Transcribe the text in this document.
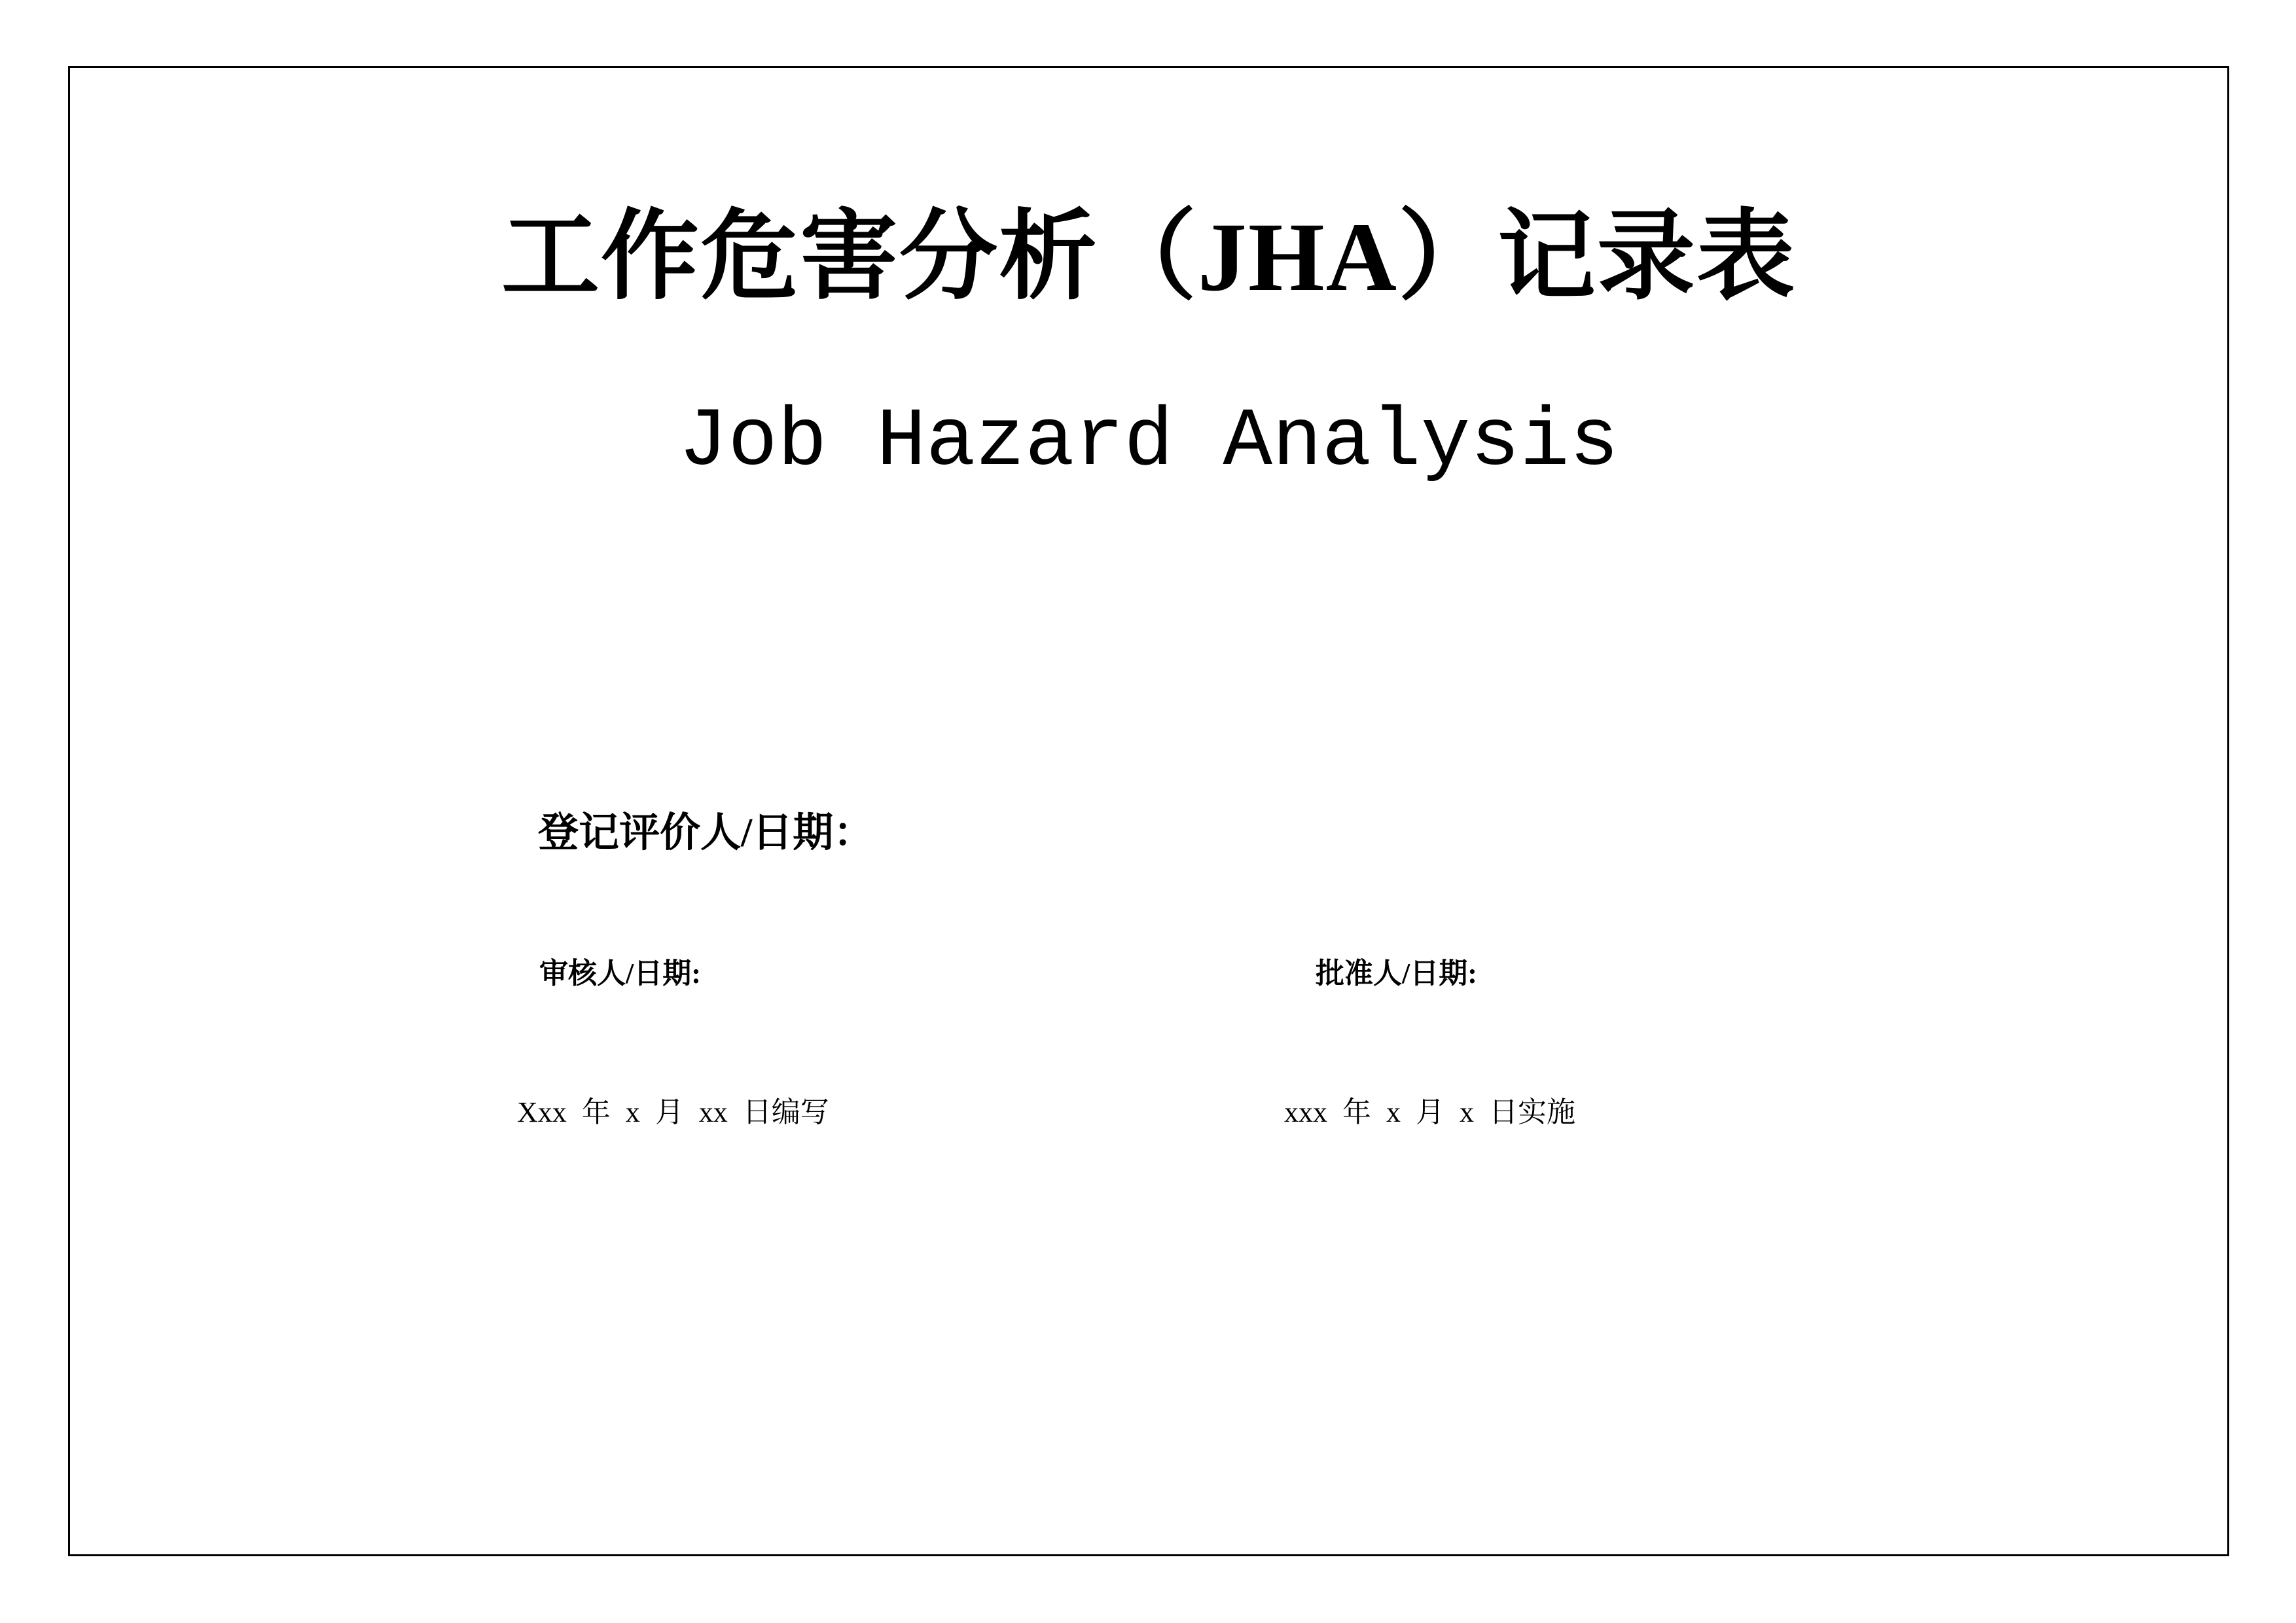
工作危害分析（JHA）记录表
Job Hazard Analysis
登记评价人/日期：
审核人/日期:	批准人/日期:
Xxx 年 x 月 xx 日编写	xxx 年 x 月 x 日实施
